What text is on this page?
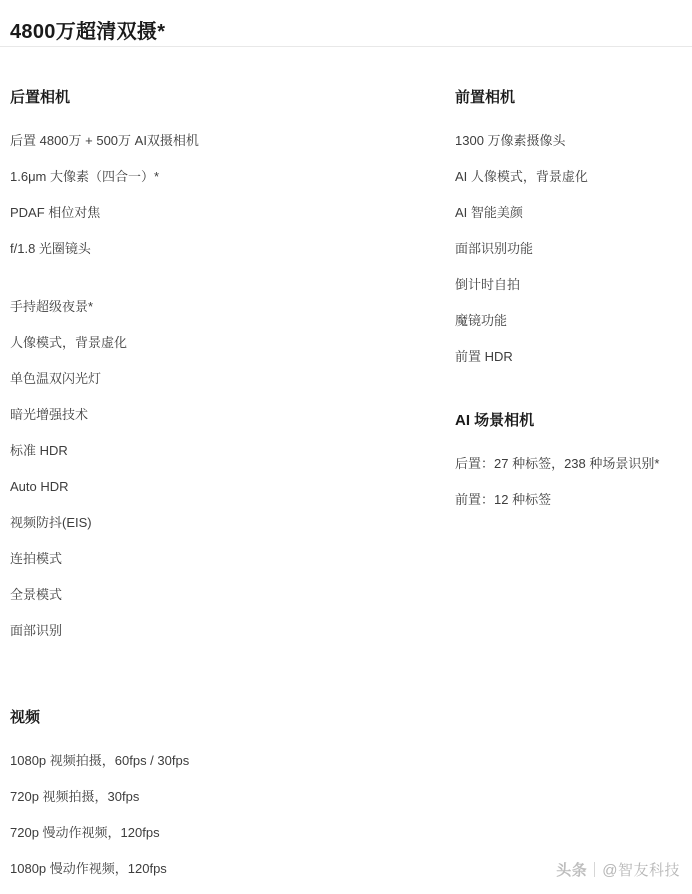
4800万超清双摄*
后置相机
后置 4800万 + 500万 AI双摄相机
1.6μm 大像素（四合一）*
PDAF 相位对焦
f/1.8 光圈镜头
手持超级夜景*
人像模式，背景虚化
单色温双闪光灯
暗光增强技术
标准 HDR
Auto HDR
视频防抖(EIS)
连拍模式
全景模式
面部识别
前置相机
1300 万像素摄像头
AI 人像模式，背景虚化
AI 智能美颜
面部识别功能
倒计时自拍
魔镜功能
前置 HDR
AI 场景相机
后置：27 种标签，238 种场景识别*
前置：12 种标签
视频
1080p 视频拍摄，60fps / 30fps
720p 视频拍摄，30fps
720p 慢动作视频，120fps
1080p 慢动作视频，120fps	头条 @智友科技
